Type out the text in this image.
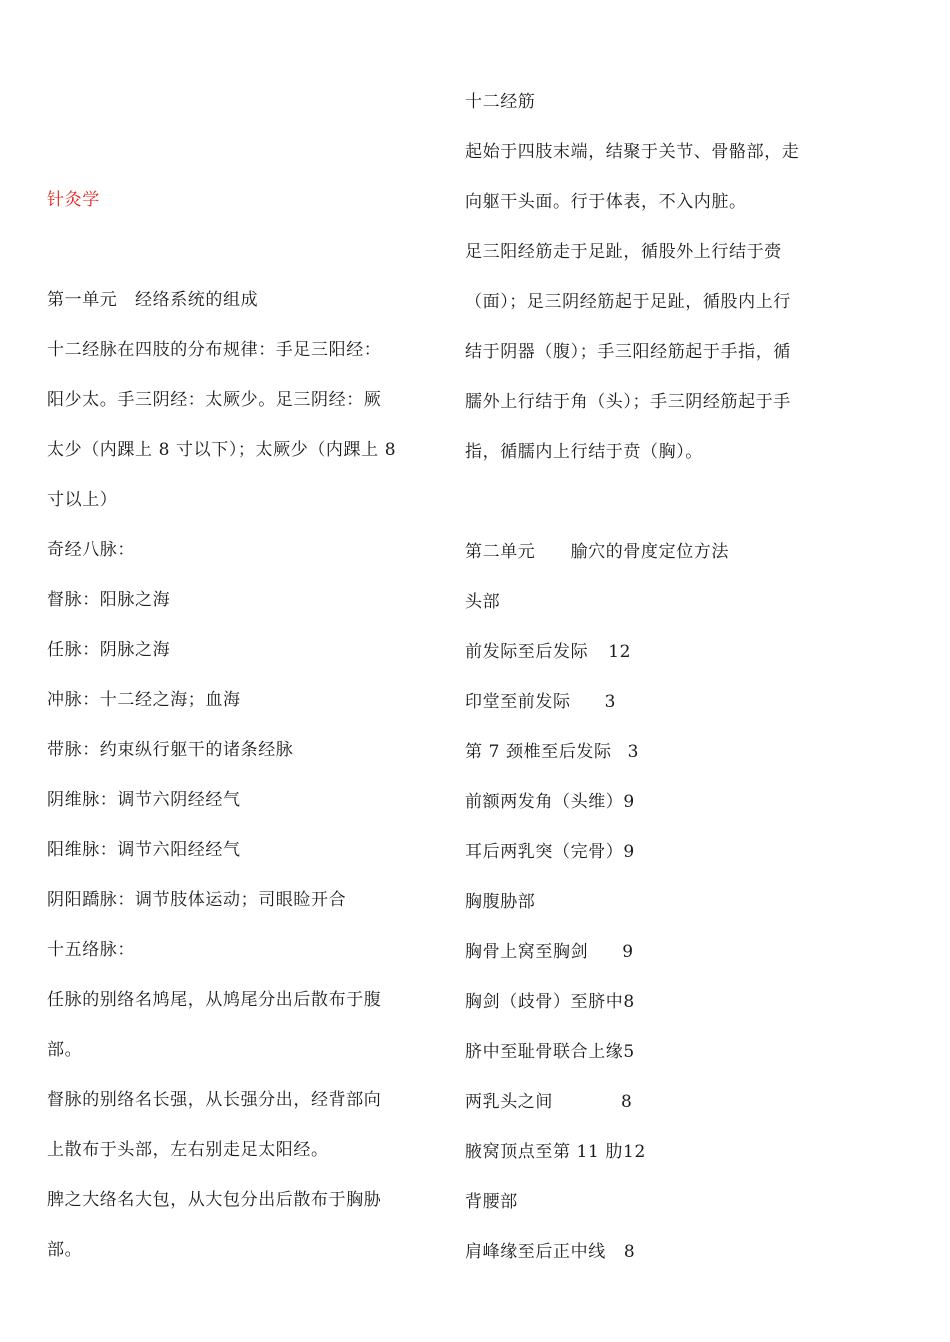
针灸学
第一单元　经络系统的组成
十二经脉在四肢的分布规律：手足三阳经：
阳少太。手三阴经：太厥少。足三阴经：厥
太少（内踝上 8 寸以下）；太厥少（内踝上 8
寸以上）
奇经八脉：
督脉：阳脉之海
任脉：阴脉之海
冲脉：十二经之海；血海
带脉：约束纵行躯干的诸条经脉
阴维脉：调节六阴经经气
阳维脉：调节六阳经经气
阴阳蹻脉：调节肢体运动；司眼睑开合
十五络脉：
任脉的别络名鸠尾，从鸠尾分出后散布于腹
部。
督脉的别络名长强，从长强分出，经背部向
上散布于头部，左右别走足太阳经。
脾之大络名大包，从大包分出后散布于胸胁
部。
十二经筋
起始于四肢末端，结聚于关节、骨骼部，走
向躯干头面。行于体表，不入内脏。
足三阳经筋走于足趾，循股外上行结于赍
（面）；足三阴经筋起于足趾，循股内上行
结于阴器（腹）；手三阳经筋起于手指，循
臑外上行结于角（头）；手三阴经筋起于手
指，循臑内上行结于贲（胸）。
第二单元　　腧穴的骨度定位方法
头部
前发际至后发际 12
印堂至前发际 3
第 7 颈椎至后发际 3
前额两发角（头维）9
耳后两乳突（完骨）9
胸腹胁部
胸骨上窝至胸剑 9
胸剑（歧骨）至脐中8
脐中至耻骨联合上缘5
两乳头之间	8
腋窝顶点至第 11 肋12
背腰部
肩峰缘至后正中线 8
